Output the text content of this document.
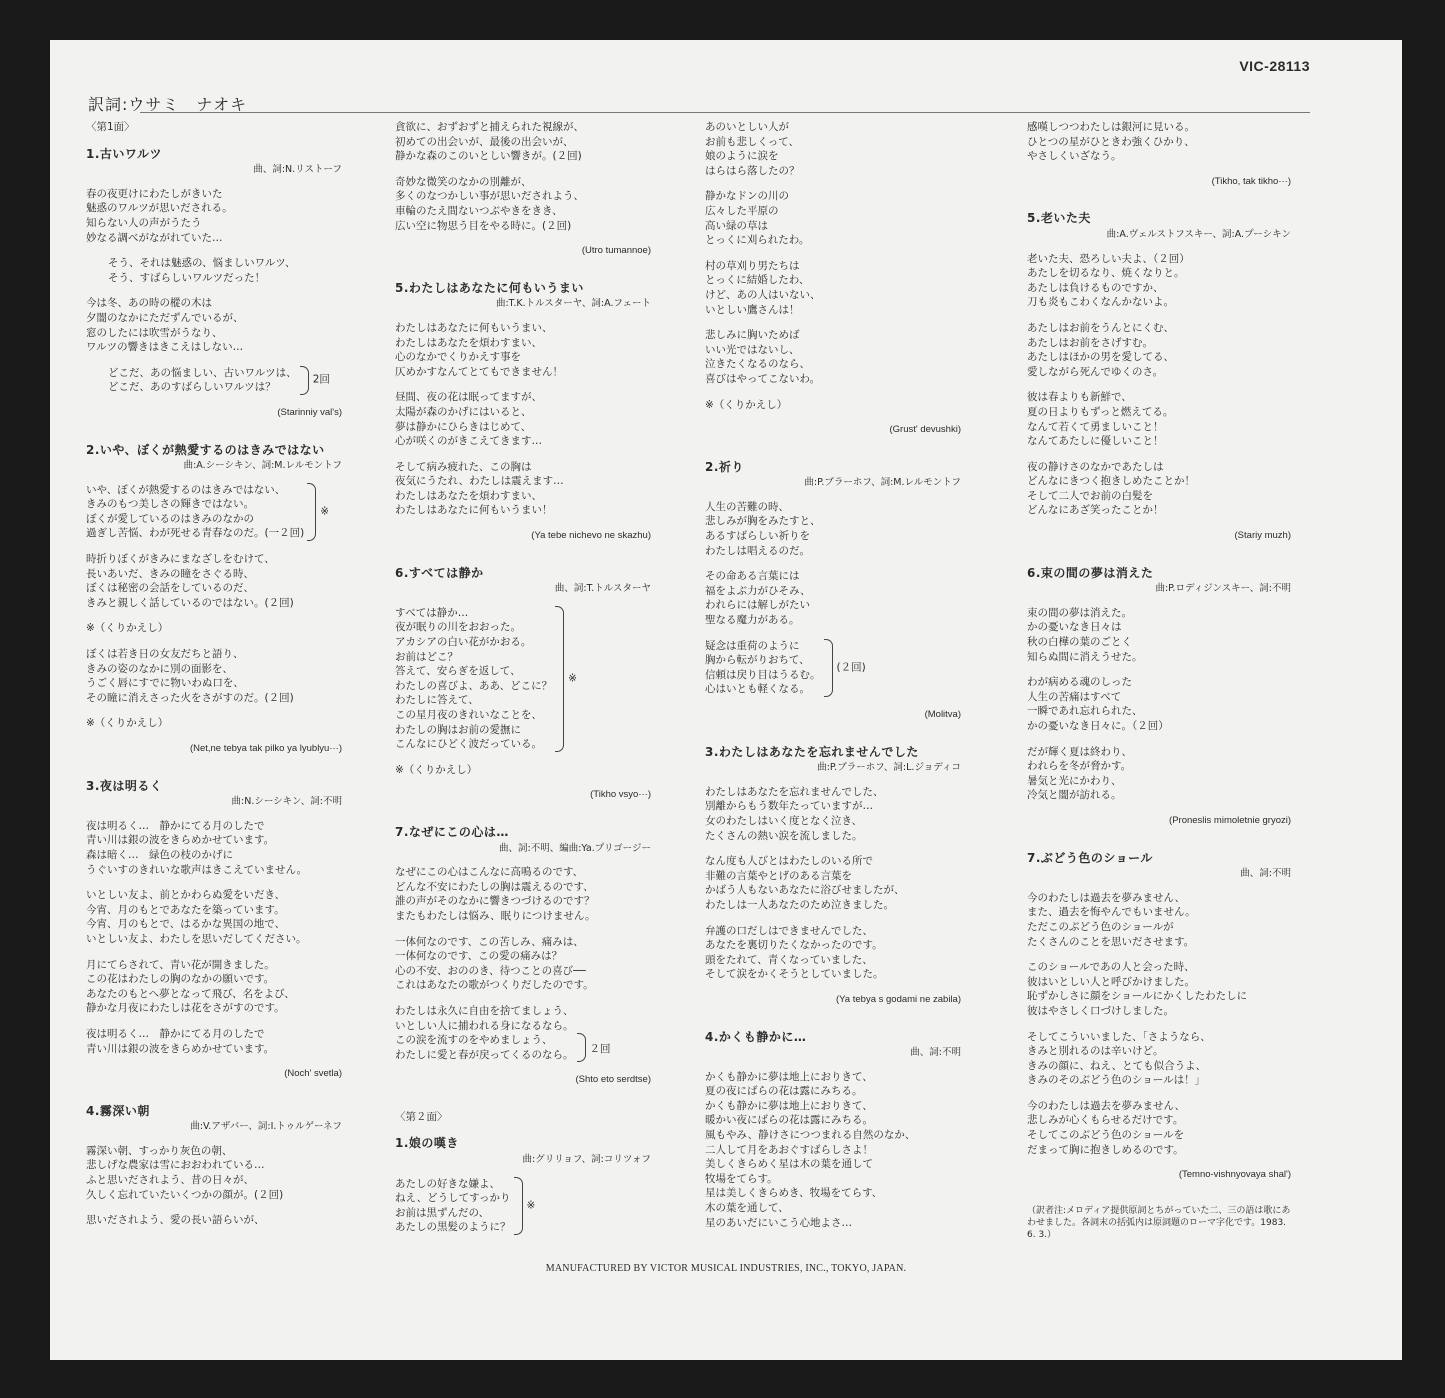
VIC-28113
訳詞:ウサミ　ナオキ
〈第1面〉
1.古いワルツ
曲、詞:N.リストーフ
春の夜更けにわたしがきいた
魅惑のワルツが思いだされる。
知らない人の声がうたう
妙なる調べがながれていた…
そう、それは魅惑の、悩ましいワルツ、
そう、すばらしいワルツだった！
今は冬、あの時の樅の木は
夕闇のなかにただずんでいるが、
窓のしたには吹雪がうなり、
ワルツの響きはきこえはしない…
どこだ、あの悩ましい、古いワルツは、
どこだ、あのすばらしいワルツは？
2回
(Starinniy val's)
2.いや、ぼくが熱愛するのはきみではない
曲:A.シーシキン、詞:M.レルモントフ
いや、ぼくが熱愛するのはきみではない、
きみのもつ美しさの輝きではない。
ぼくが愛しているのはきみのなかの
過ぎし苦悩、わが死せる青春なのだ。(一２回)
※
時折りぼくがきみにまなざしをむけて、
長いあいだ、きみの瞳をさぐる時、
ぼくは秘密の会話をしているのだ、
きみと親しく話しているのではない。(２回)
※（くりかえし）
ぼくは若き日の女友だちと語り、
きみの姿のなかに別の面影を、
うごく唇にすでに物いわぬ口を、
その瞳に消えさった火をさがすのだ。(２回)
※（くりかえし）
(Net,ne tebya tak pilko ya lyublyu···)
3.夜は明るく
曲:N.シーシキン、詞:不明
夜は明るく…　静かにてる月のしたで
青い川は銀の波をきらめかせています。
森は暗く…　緑色の枝のかげに
うぐいすのきれいな歌声はきこえていません。
いとしい友よ、前とかわらぬ愛をいだき、
今宵、月のもとであなたを築っています。
今宵、月のもとで、はるかな異国の地で、
いとしい友よ、わたしを思いだしてください。
月にてらされて、青い花が開きました。
この花はわたしの胸のなかの願いです。
あなたのもとへ夢となって飛び、名をよび、
静かな月夜にわたしは花をさがすのです。
夜は明るく…　静かにてる月のしたで
青い川は銀の波をきらめかせています。
(Noch' svetla)
4.霧深い朝
曲:V.アザバー、詞:I.トゥルゲーネフ
霧深い朝、すっかり灰色の朝、
悲しげな農家は雪におおわれている…
ふと思いだされよう、昔の日々が、
久しく忘れていたいくつかの顔が。(２回)
思いだされよう、愛の長い語らいが、
貪欲に、おずおずと捕えられた視線が、
初めての出会いが、最後の出会いが、
静かな森のこのいとしい響きが。(２回)
奇妙な微笑のなかの別離が、
多くのなつかしい事が思いだされよう、
車輪のたえ間ないつぶやきをきき、
広い空に物思う目をやる時に。(２回)
(Utro tumannoe)
5.わたしはあなたに何もいうまい
曲:T.K.トルスターヤ、詞:A.フェート
わたしはあなたに何もいうまい、
わたしはあなたを煩わすまい、
心のなかでくりかえす事を
仄めかすなんてとてもできません！
昼間、夜の花は眠ってますが、
太陽が森のかげにはいると、
夢は静かにひらきはじめて、
心が咲くのがきこえてきます…
そして病み疲れた、この胸は
夜気にうたれ、わたしは震えます…
わたしはあなたを煩わすまい、
わたしはあなたに何もいうまい！
(Ya tebe nichevo ne skazhu)
6.すべては静か
曲、詞:T.トルスターヤ
すべては静か…
夜が眠りの川をおおった。
アカシアの白い花がかおる。
お前はどこ？
答えて、安らぎを返して、
わたしの喜びよ、ああ、どこに？
わたしに答えて、
この星月夜のきれいなことを、
わたしの胸はお前の愛撫に
こんなにひどく波だっている。
※
※（くりかえし）
(Tikho vsyo···)
7.なぜにこの心は…
曲、詞:不明、編曲:Ya.プリゴージー
なぜにこの心はこんなに高鳴るのです、
どんな不安にわたしの胸は震えるのです、
誰の声がそのなかに響きつづけるのです？
またもわたしは悩み、眠りにつけません。
一体何なのです、この苦しみ、痛みは、
一体何なのです、この愛の痛みは？
心の不安、おののき、待つことの喜び──
これはあなたの歌がつくりだしたのです。
わたしは永久に自由を捨てましょう、
いとしい人に捕われる身になるなら。
この涙を流すのをやめましょう、
わたしに愛と春が戻ってくるのなら。 ２回
(Shto eto serdtse)
〈第２面〉
1.娘の嘆き
曲:グリリョフ、詞:コリツォフ
あたしの好きな嫌よ、
ねえ、どうしてすっかり
お前は黒ずんだの、
あたしの黒髪のように？
※
あのいとしい人が
お前も悲しくって、
娘のように涙を
はらはら落したの？
静かなドンの川の
広々した平原の
高い緑の草は
とっくに刈られたわ。
村の草刈り男たちは
とっくに結婚したわ、
けど、あの人はいない、
いとしい鷹さんは！
悲しみに胸いためば
いい光ではないし、
泣きたくなるのなら、
喜びはやってこないわ。
※（くりかえし）
(Grust' devushki)
2.祈り
曲:P.ブラーホフ、詞:M.レルモントフ
人生の苦難の時、
悲しみが胸をみたすと、
あるすばらしい祈りを
わたしは唱えるのだ。
その命ある言葉には
福をよぶ力がひそみ、
われらには解しがたい
聖なる魔力がある。
疑念は重荷のように
胸から転がりおちて、
信頼は戻り目はうるむ。
心はいとも軽くなる。
(２回)
(Molitva)
3.わたしはあなたを忘れませんでした
曲:P.ブラーホフ、詞:L.ジョディコ
わたしはあなたを忘れませんでした、
別離からもう数年たっていますが…
女のわたしはいく度となく泣き、
たくさんの熱い涙を流しました。
なん度も人びとはわたしのいる所で
非難の言葉やとげのある言葉を
かばう人もないあなたに浴びせましたが、
わたしは一人あなたのため泣きました。
弁護の口だしはできませんでした、
あなたを裏切りたくなかったのです。
頭をたれて、青くなっていました、
そして涙をかくそうとしていました。
(Ya tebya s godami ne zabila)
4.かくも静かに…
曲、詞:不明
かくも静かに夢は地上におりきて、
夏の夜にばらの花は露にみちる。
かくも静かに夢は地上におりきて、
暖かい夜にばらの花は露にみちる。
風もやみ、静けさにつつまれる自然のなか、
二人して月をあおぐすばらしさよ！
美しくきらめく星は木の葉を通して
牧場をてらす。
星は美しくきらめき、牧場をてらす、
木の葉を通して、
星のあいだにいこう心地よさ…
感嘆しつつわたしは銀河に見いる。
ひとつの星がひときわ強くひかり、
やさしくいざなう。
(Tikho, tak tikho···)
5.老いた夫
曲:A.ヴェルストフスキー、詞:A.プーシキン
老いた夫、恐ろしい夫よ、（２回）
あたしを切るなり、焼くなりと。
あたしは負けるものですか、
刀も炎もこわくなんかないよ。
あたしはお前をうんとにくむ、
あたしはお前をさげすむ。
あたしはほかの男を愛してる、
愛しながら死んでゆくのさ。
彼は春よりも新鮮で、
夏の日よりもずっと燃えてる。
なんて若くて勇ましいこと！
なんてあたしに優しいこと！
夜の静けさのなかであたしは
どんなにきつく抱きしめたことか！
そして二人でお前の白髪を
どんなにあざ笑ったことか！
(Stariy muzh)
6.束の間の夢は消えた
曲:P.ロディジンスキー、詞:不明
束の間の夢は消えた。
かの憂いなき日々は
秋の白樺の葉のごとく
知らぬ間に消えうせた。
わが病める魂のしった
人生の苦痛はすべて
一瞬であれ忘れられた、
かの憂いなき日々に。（２回）
だが輝く夏は終わり、
われらを冬が脅かす。
暑気と光にかわり、
冷気と闇が訪れる。
(Proneslis mimoletnie gryozi)
7.ぶどう色のショール
曲、詞:不明
今のわたしは過去を夢みません、
また、過去を悔やんでもいません。
ただこのぶどう色のショールが
たくさんのことを思いださせます。
このショールであの人と会った時、
彼はいとしい人と呼びかけました。
恥ずかしさに顔をショールにかくしたわたしに
彼はやさしく口づけしました。
そしてこういいました、「さようなら、
きみと別れるのは辛いけど。
きみの顔に、ねえ、とても似合うよ、
きみのそのぶどう色のショールは！」
今のわたしは過去を夢みません、
悲しみが心くもらせるだけです。
そしてこのぶどう色のショールを
だまって胸に抱きしめるのです。
(Temno-vishnyovaya shal')
（訳者注:メロディア提供原詞とちがっていた二、三の語は歌にあわせました。各詞末の括弧内は原詞題のローマ字化です。1983. 6. 3.）
MANUFACTURED BY VICTOR MUSICAL INDUSTRIES, INC., TOKYO, JAPAN.
